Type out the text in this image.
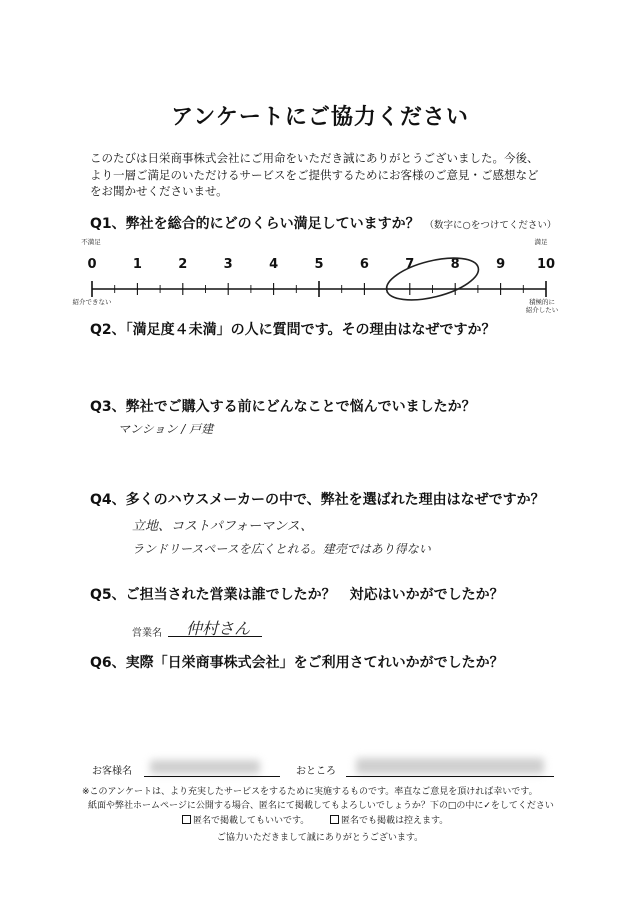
アンケートにご協力ください
このたびは日栄商事株式会社にご用命をいただき誠にありがとうございました。今後、
より一層ご満足のいただけるサービスをご提供するためにお客様のご意見・ご感想など
をお聞かせくださいませ。
Q1、弊社を総合的にどのくらい満足していますか？ （数字に○をつけてください）
不満足	満足
紹介できない	積極的に
紹介したい
0	1	2	3	4	5	6	7	8	9 10
Q2、「満足度４未満」の人に質問です。その理由はなぜですか？
Q3、弊社でご購入する前にどんなことで悩んでいましたか？
マンション / 戸建
Q4、多くのハウスメーカーの中で、弊社を選ばれた理由はなぜですか？
立地、コストパフォーマンス、
ランドリースペースを広くとれる。建売ではあり得ない
Q5、ご担当された営業は誰でしたか？　対応はいかがでしたか？
営業名 仲村さん
Q6、実際「日栄商事株式会社」をご利用さてれいかがでしたか？
お客様名	おところ
※このアンケートは、より充実したサービスをするために実施するものです。率直なご意見を頂ければ幸いです。
紙面や弊社ホームページに公開する場合、匿名にて掲載してもよろしいでしょうか？下の□の中に✓をしてください
匿名で掲載してもいいです。	匿名でも掲載は控えます。
ご協力いただきまして誠にありがとうございます。
